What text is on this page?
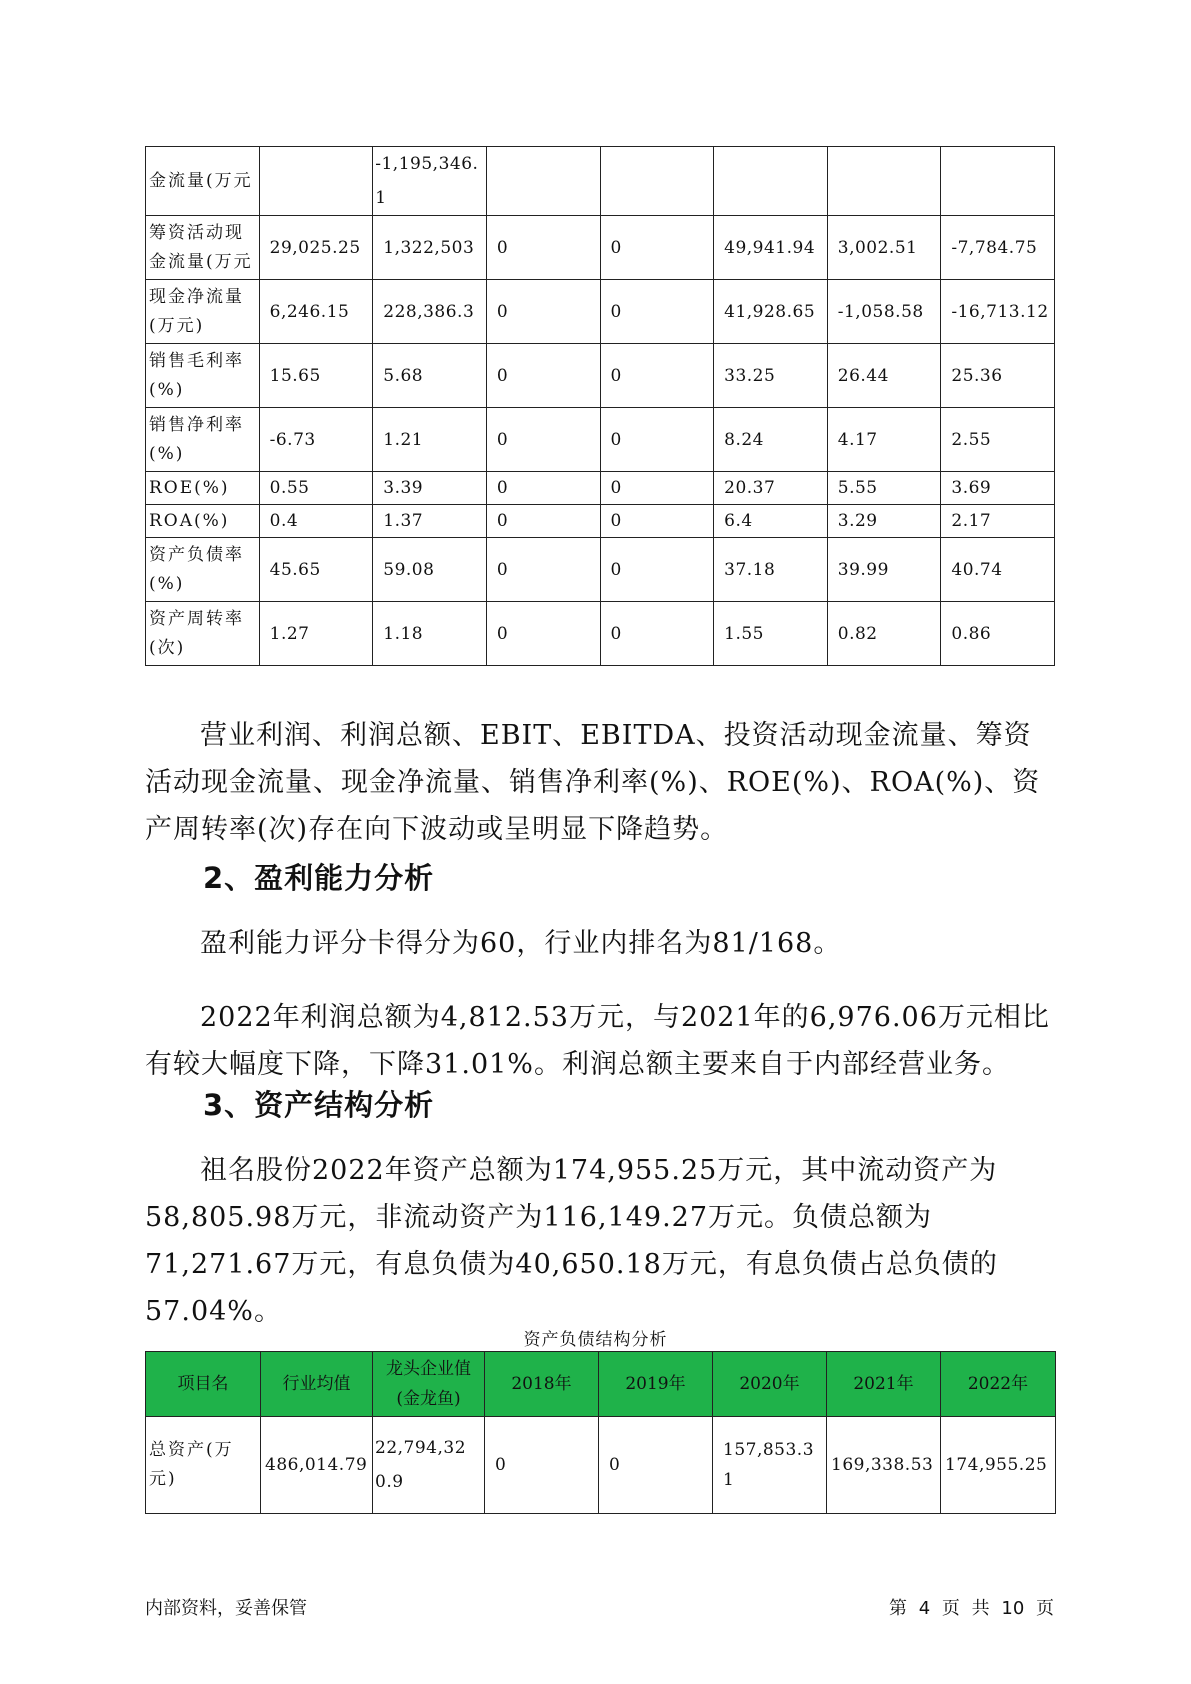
金流量(万元		-1,195,346.1					
筹资活动现金流量(万元	29,025.25	1,322,503	0	0	49,941.94	3,002.51	-7,784.75
现金净流量(万元)	6,246.15	228,386.3	0	0	41,928.65	-1,058.58	-16,713.12
销售毛利率(%)	15.65	5.68	0	0	33.25	26.44	25.36
销售净利率(%)	-6.73	1.21	0	0	8.24	4.17	2.55
ROE(%)	0.55	3.39	0	0	20.37	5.55	3.69
ROA(%)	0.4	1.37	0	0	6.4	3.29	2.17
资产负债率(%)	45.65	59.08	0	0	37.18	39.99	40.74
资产周转率(次)	1.27	1.18	0	0	1.55	0.82	0.86

营业利润、利润总额、EBIT、EBITDA、投资活动现金流量、筹资活动现金流量、现金净流量、销售净利率(%)、ROE(%)、ROA(%)、资产周转率(次)存在向下波动或呈明显下降趋势。

2、盈利能力分析

盈利能力评分卡得分为60，行业内排名为81/168。

2022年利润总额为4,812.53万元，与2021年的6,976.06万元相比有较大幅度下降，下降31.01%。利润总额主要来自于内部经营业务。

3、资产结构分析

祖名股份2022年资产总额为174,955.25万元，其中流动资产为58,805.98万元，非流动资产为116,149.27万元。负债总额为71,271.67万元，有息负债为40,650.18万元，有息负债占总负债的57.04%。

资产负债结构分析
项目名	行业均值	龙头企业值(金龙鱼)	2018年	2019年	2020年	2021年	2022年
总资产(万元)	486,014.79	22,794,320.9	0	0	157,853.31	169,338.53	174,955.25
内部资料，妥善保管	第 4 页 共 10 页
